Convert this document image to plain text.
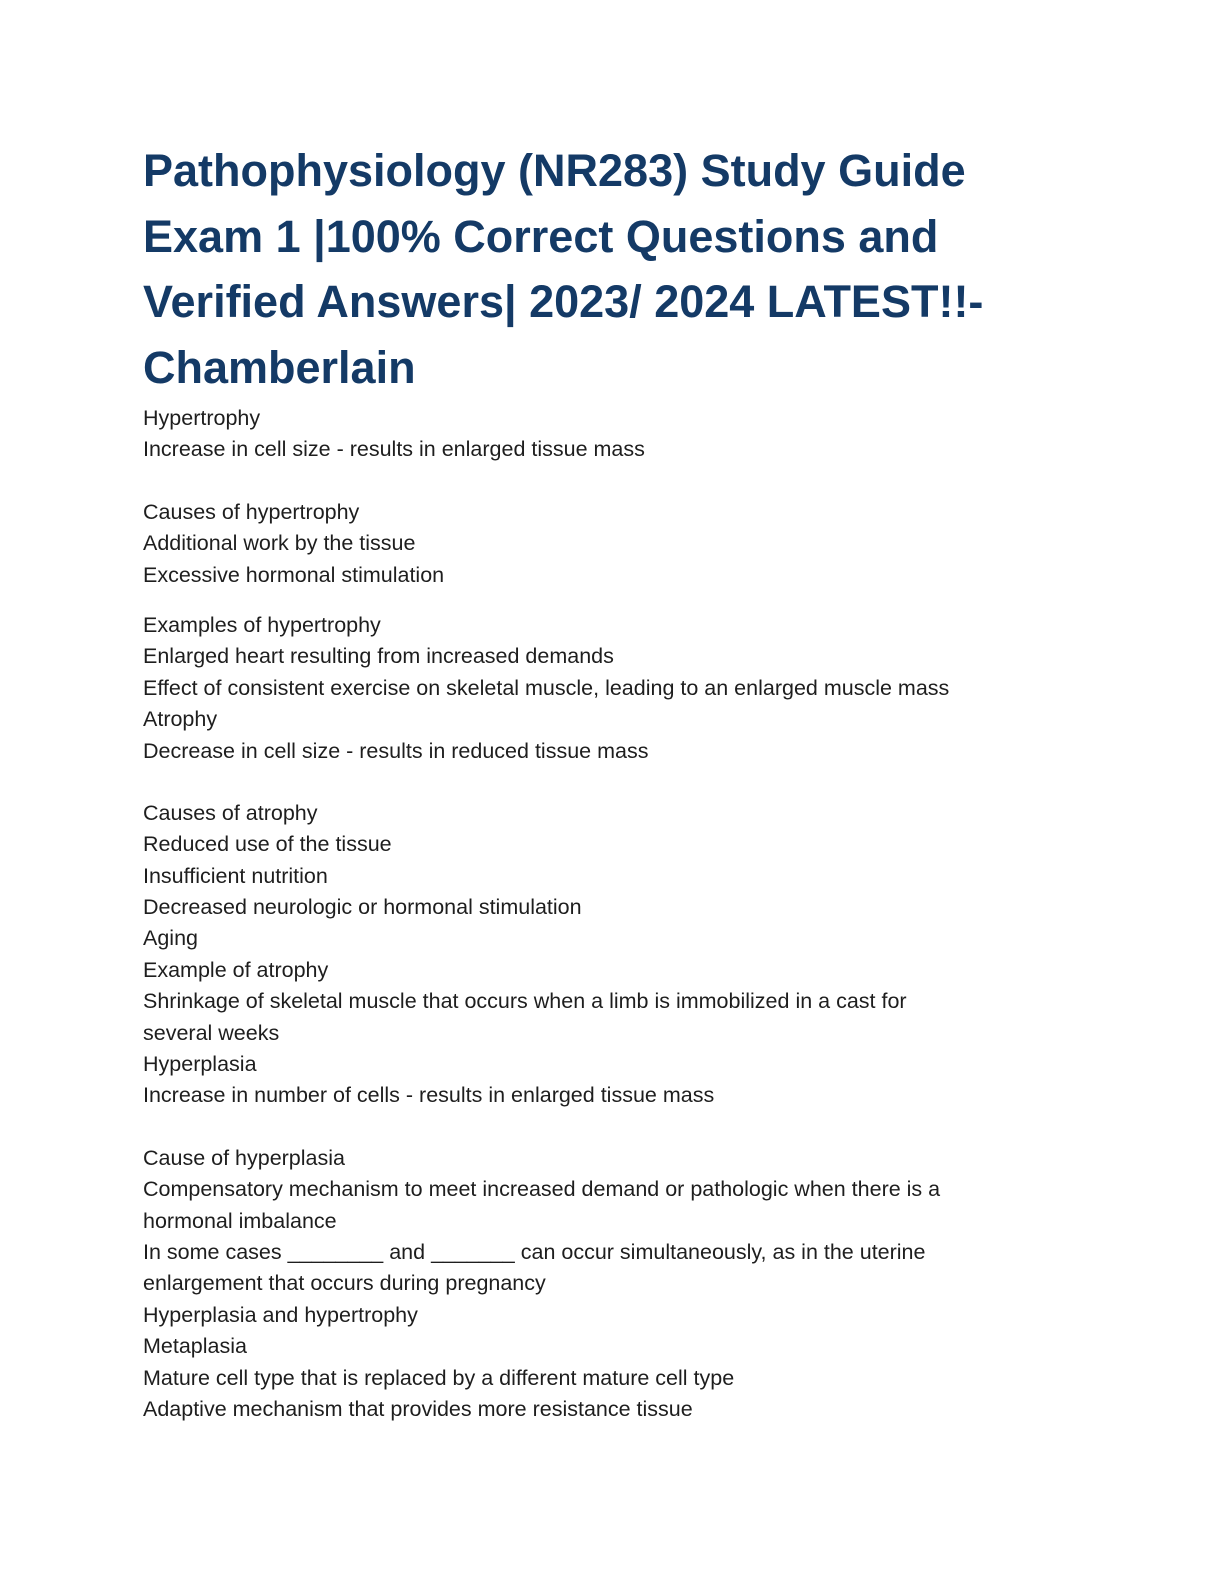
Pathophysiology (NR283) Study Guide
Exam 1 |100% Correct Questions and
Verified Answers| 2023/ 2024 LATEST!!-
Chamberlain
Hypertrophy
Increase in cell size - results in enlarged tissue mass
Causes of hypertrophy
Additional work by the tissue
Excessive hormonal stimulation
Examples of hypertrophy
Enlarged heart resulting from increased demands
Effect of consistent exercise on skeletal muscle, leading to an enlarged muscle mass
Atrophy
Decrease in cell size - results in reduced tissue mass
Causes of atrophy
Reduced use of the tissue
Insufficient nutrition
Decreased neurologic or hormonal stimulation
Aging
Example of atrophy
Shrinkage of skeletal muscle that occurs when a limb is immobilized in a cast for
several weeks
Hyperplasia
Increase in number of cells - results in enlarged tissue mass
Cause of hyperplasia
Compensatory mechanism to meet increased demand or pathologic when there is a
hormonal imbalance
In some cases ________ and _______ can occur simultaneously, as in the uterine
enlargement that occurs during pregnancy
Hyperplasia and hypertrophy
Metaplasia
Mature cell type that is replaced by a different mature cell type
Adaptive mechanism that provides more resistance tissue
